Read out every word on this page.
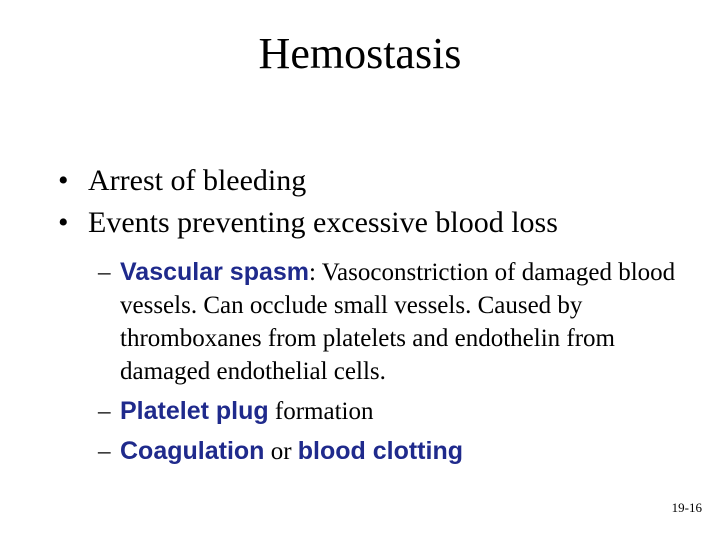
Hemostasis
• Arrest of bleeding
• Events preventing excessive blood loss
– Vascular spasm: Vasoconstriction of damaged blood vessels. Can occlude small vessels. Caused by thromboxanes from platelets and endothelin from damaged endothelial cells.
– Platelet plug formation
– Coagulation or blood clotting
19-16
